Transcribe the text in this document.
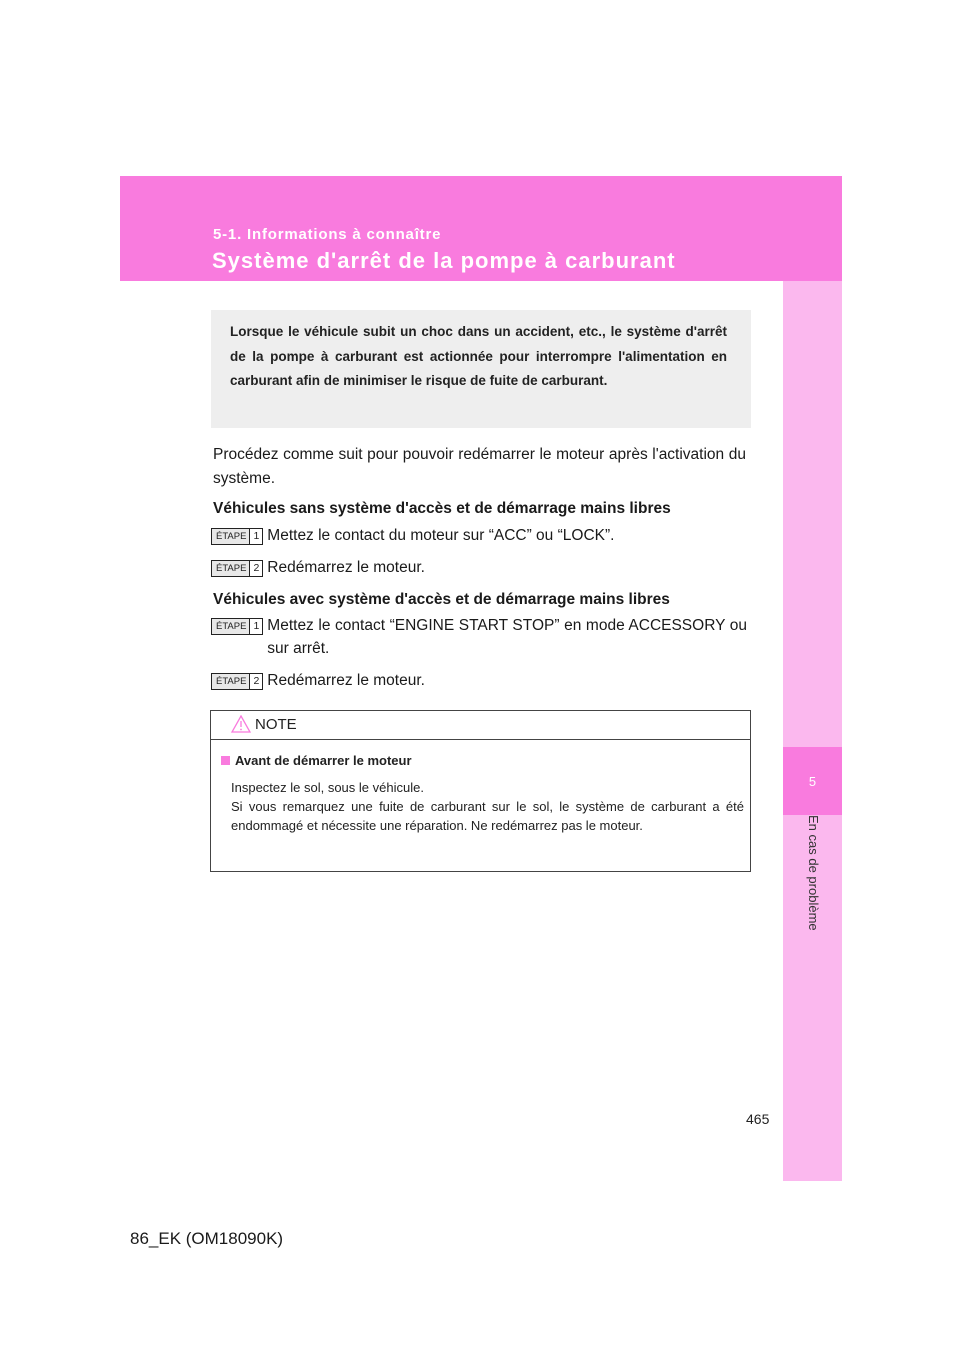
5-1. Informations à connaître
Système d'arrêt de la pompe à carburant
5
En cas de problème

Lorsque le véhicule subit un choc dans un accident, etc., le système d'arrêt de la pompe à carburant est actionnée pour interrompre l'alimentation en carburant afin de minimiser le risque de fuite de carburant.

Procédez comme suit pour pouvoir redémarrer le moteur après l'activation du système.
Véhicules sans système d'accès et de démarrage mains libres
ÉTAPE 1 Mettez le contact du moteur sur “ACC” ou “LOCK”.
ÉTAPE 2 Redémarrez le moteur.
Véhicules avec système d'accès et de démarrage mains libres
ÉTAPE 1 Mettez le contact “ENGINE START STOP” en mode ACCESSORY ou sur arrêt.
ÉTAPE 2 Redémarrez le moteur.
NOTE
Avant de démarrer le moteur

Inspectez le sol, sous le véhicule.

Si vous remarquez une fuite de carburant sur le sol, le système de carburant a été endommagé et nécessite une réparation. Ne redémarrez pas le moteur.

465
86_EK (OM18090K)
